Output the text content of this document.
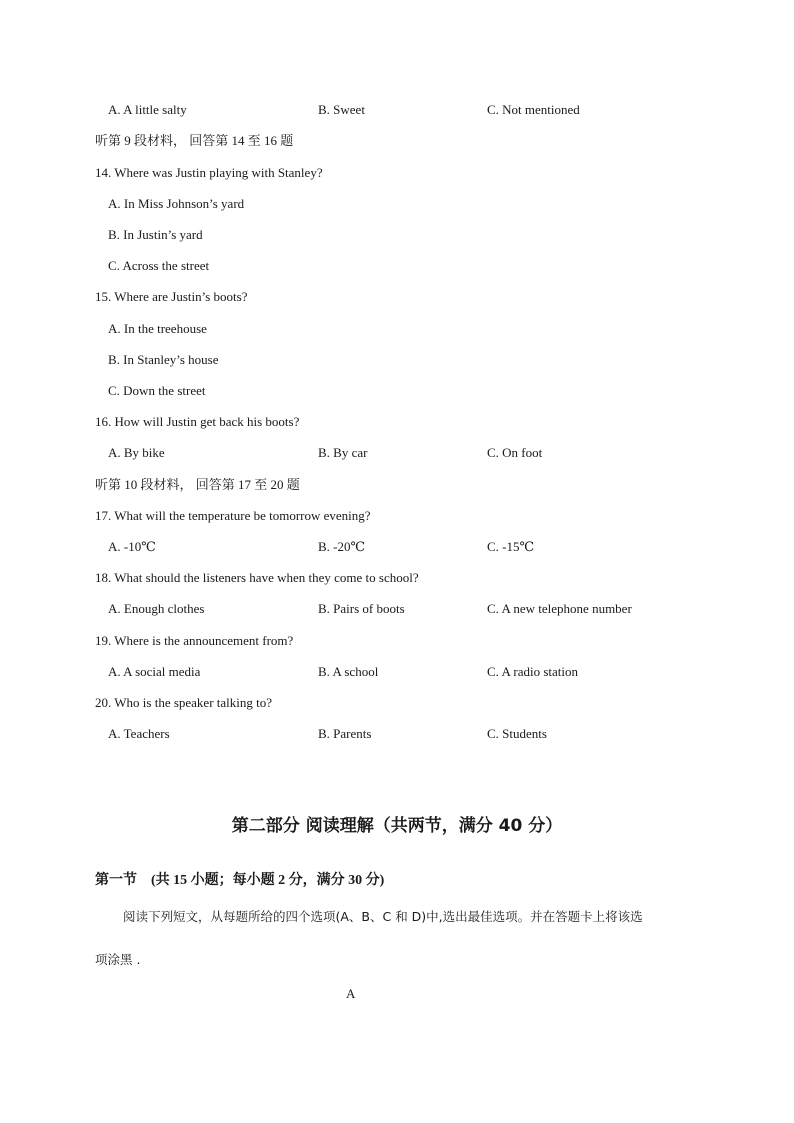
A. A little salty	B. Sweet	C. Not mentioned
听第 9 段材料， 回答第 14 至 16 题
14. Where was Justin playing with Stanley?
A. In Miss Johnson’s yard
B. In Justin’s yard
C. Across the street
15. Where are Justin’s boots?
A. In the treehouse
B. In Stanley’s house
C. Down the street
16. How will Justin get back his boots?
A. By bike	B. By car	C. On foot
听第 10 段材料， 回答第 17 至 20 题
17. What will the temperature be tomorrow evening?
A. -10℃	B. -20℃	C. -15℃
18. What should the listeners have when they come to school?
A. Enough clothes	B. Pairs of boots	C. A new telephone number
19. Where is the announcement from?
A. A social media	B. A school	C. A radio station
20. Who is the speaker talking to?
A. Teachers	B. Parents	C. Students
第二部分 阅读理解（共两节，满分 40 分）
第一节 (共 15 小题；每小题 2 分，满分 30 分)
阅读下列短文，从每题所给的四个选项(A、B、C 和 D)中,选出最佳选项。并在答题卡上将该选
项涂黑 .
A
